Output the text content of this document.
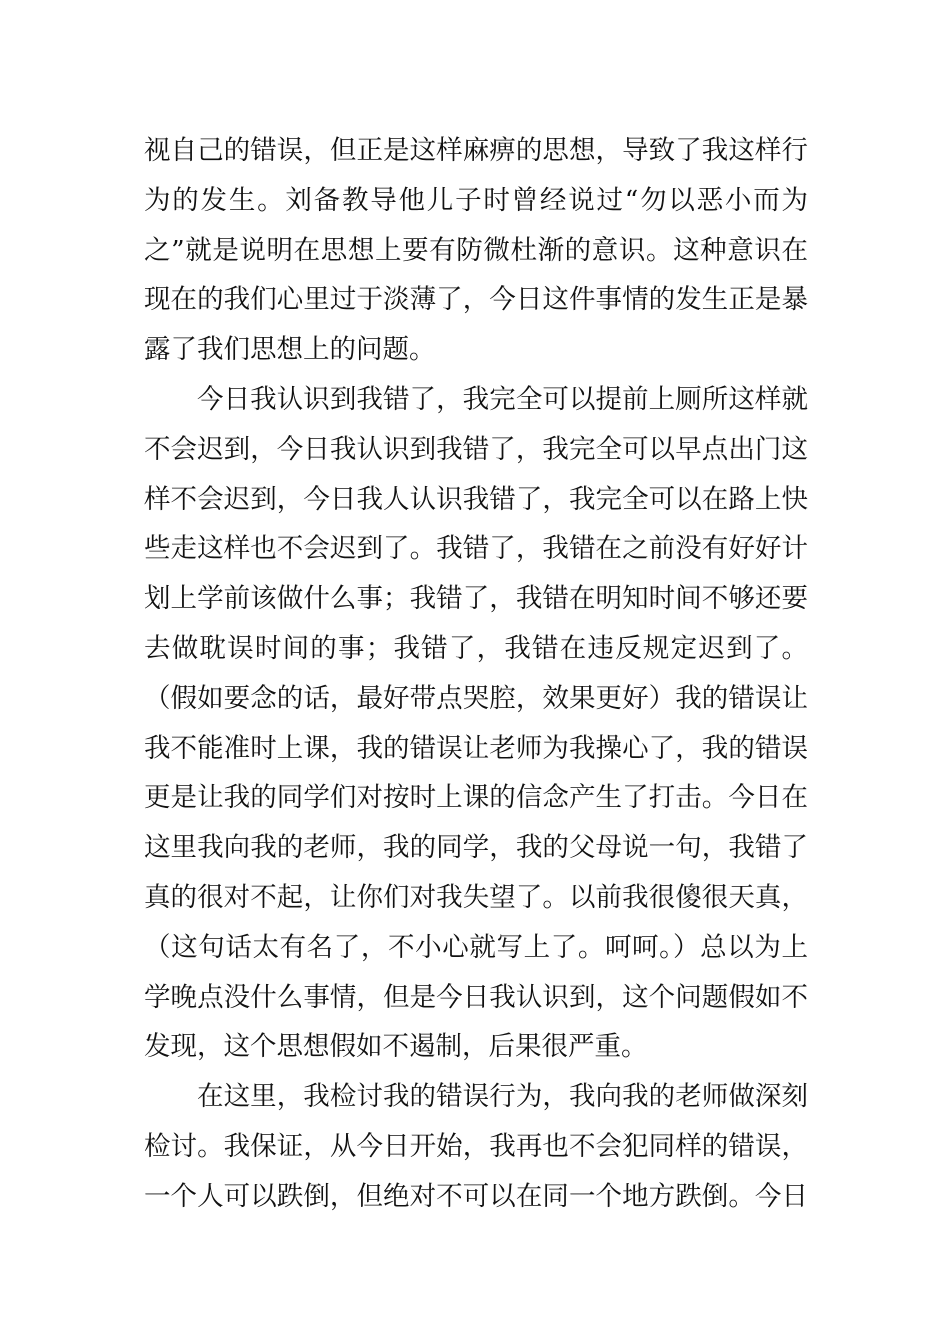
视自己的错误，但正是这样麻痹的思想，导致了我这样行
为的发生。刘备教导他儿子时曾经说过“勿以恶小而为
之”就是说明在思想上要有防微杜渐的意识。这种意识在
现在的我们心里过于淡薄了，今日这件事情的发生正是暴
露了我们思想上的问题。
今日我认识到我错了，我完全可以提前上厕所这样就
不会迟到，今日我认识到我错了，我完全可以早点出门这
样不会迟到，今日我人认识我错了，我完全可以在路上快
些走这样也不会迟到了。我错了，我错在之前没有好好计
划上学前该做什么事；我错了，我错在明知时间不够还要
去做耽误时间的事；我错了，我错在违反规定迟到了。
（假如要念的话，最好带点哭腔，效果更好）我的错误让
我不能准时上课，我的错误让老师为我操心了，我的错误
更是让我的同学们对按时上课的信念产生了打击。今日在
这里我向我的老师，我的同学，我的父母说一句，我错了
真的很对不起，让你们对我失望了。以前我很傻很天真，
（这句话太有名了，不小心就写上了。呵呵。）总以为上
学晚点没什么事情，但是今日我认识到，这个问题假如不
发现，这个思想假如不遏制，后果很严重。
在这里，我检讨我的错误行为，我向我的老师做深刻
检讨。我保证，从今日开始，我再也不会犯同样的错误，
一个人可以跌倒，但绝对不可以在同一个地方跌倒。今日
